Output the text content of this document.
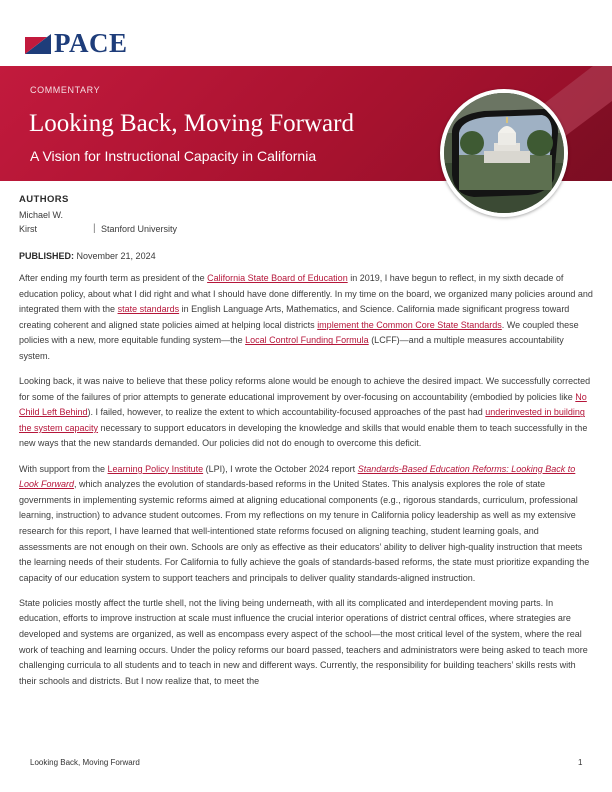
PACE
COMMENTARY
Looking Back, Moving Forward
A Vision for Instructional Capacity in California
AUTHORS
Michael W.
Kirst	| Stanford University
PUBLISHED: November 21, 2024

After ending my fourth term as president of the California State Board of Education in 2019, I have begun to reflect, in my sixth decade of education policy, about what I did right and what I should have done differently. In my time on the board, we organized many policies around and integrated them with the state standards in English Language Arts, Mathematics, and Science. California made significant progress toward creating coherent and aligned state policies aimed at helping local districts implement the Common Core State Standards. We coupled these policies with a new, more equitable funding system—the Local Control Funding Formula (LCFF)—and a multiple measures accountability system.

Looking back, it was naive to believe that these policy reforms alone would be enough to achieve the desired impact. We successfully corrected for some of the failures of prior attempts to generate educational improvement by over-focusing on accountability (embodied by policies like No Child Left Behind). I failed, however, to realize the extent to which accountability-focused approaches of the past had underinvested in building the system capacity necessary to support educators in developing the knowledge and skills that would enable them to teach successfully in the new ways that the new standards demanded. Our policies did not do enough to overcome this deficit.

With support from the Learning Policy Institute (LPI), I wrote the October 2024 report Standards-Based Education Reforms: Looking Back to Look Forward, which analyzes the evolution of standards-based reforms in the United States. This analysis explores the role of state governments in implementing systemic reforms aimed at aligning educational components (e.g., rigorous standards, curriculum, professional learning, instruction) to advance student outcomes. From my reflections on my tenure in California policy leadership as well as my extensive research for this report, I have learned that well-intentioned state reforms focused on aligning teaching, student learning goals, and assessments are not enough on their own. Schools are only as effective as their educators’ ability to deliver high-quality instruction that meets the learning needs of their students. For California to fully achieve the goals of standards-based reforms, the state must prioritize expanding the capacity of our education system to support teachers and principals to deliver quality standards-aligned instruction.

State policies mostly affect the turtle shell, not the living being underneath, with all its complicated and interdependent moving parts. In education, efforts to improve instruction at scale must influence the crucial interior operations of district central offices, where strategies are developed and systems are organized, as well as encompass every aspect of the school—the most critical level of the system, where the real work of teaching and learning occurs. Under the policy reforms our board passed, teachers and administrators were being asked to teach more challenging curricula to all students and to teach in new and different ways. Currently, the responsibility for building teachers’ skills rests with their schools and districts. But I now realize that, to meet the

Looking Back, Moving Forward	1
